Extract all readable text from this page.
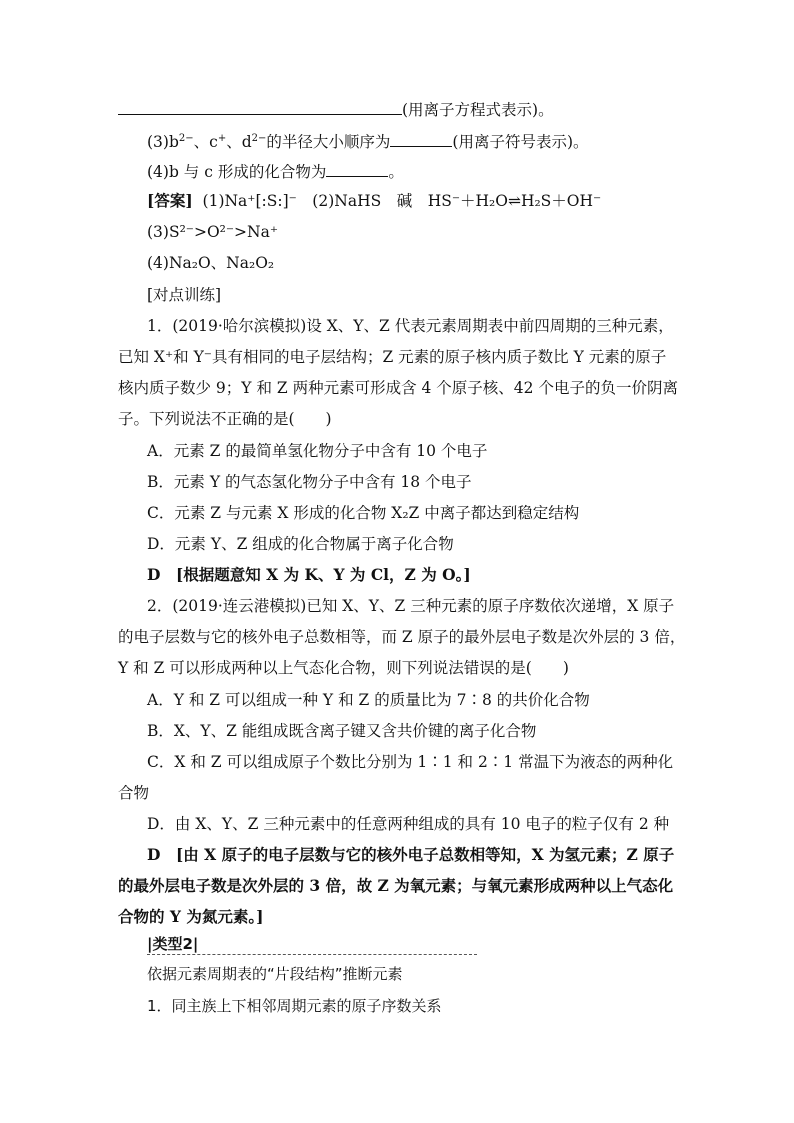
(用离子方程式表示)。
$(3)b^{2-}$、c+、$d^{2-}$的半径大小顺序为	(用离子符号表示)。
(4)b 与 c 形成的化合物为	。
[答案] (1)Na⁺[:S:]⁻　(2)NaHS　碱　HS⁻＋H₂O⇌H₂S＋OH⁻
(3)S²⁻>O²⁻>Na⁺
(4)Na₂O、Na₂O₂
[对点训练]
1．(2019·哈尔滨模拟)设 X、Y、Z 代表元素周期表中前四周期的三种元素，
已知 X⁺和 Y⁻具有相同的电子层结构；Z 元素的原子核内质子数比 Y 元素的原子
核内质子数少 9；Y 和 Z 两种元素可形成含 4 个原子核、42 个电子的负一价阴离
子。下列说法不正确的是(　　)
A．元素 Z 的最简单氢化物分子中含有 10 个电子
B．元素 Y 的气态氢化物分子中含有 18 个电子
C．元素 Z 与元素 X 形成的化合物 X₂Z 中离子都达到稳定结构
D．元素 Y、Z 组成的化合物属于离子化合物
D　[根据题意知 X 为 K、Y 为 Cl，Z 为 O。]
2．(2019·连云港模拟)已知 X、Y、Z 三种元素的原子序数依次递增，X 原子
的电子层数与它的核外电子总数相等，而 Z 原子的最外层电子数是次外层的 3 倍，
Y 和 Z 可以形成两种以上气态化合物，则下列说法错误的是(　　)
A．Y 和 Z 可以组成一种 Y 和 Z 的质量比为 7∶8 的共价化合物
B．X、Y、Z 能组成既含离子键又含共价键的离子化合物
C．X 和 Z 可以组成原子个数比分别为 1∶1 和 2∶1 常温下为液态的两种化
合物
D．由 X、Y、Z 三种元素中的任意两种组成的具有 10 电子的粒子仅有 2 种
D　[由 X 原子的电子层数与它的核外电子总数相等知，X 为氢元素；Z 原子
的最外层电子数是次外层的 3 倍，故 Z 为氧元素；与氧元素形成两种以上气态化
合物的 Y 为氮元素。]
|类型2|
依据元素周期表的“片段结构”推断元素
1．同主族上下相邻周期元素的原子序数关系
